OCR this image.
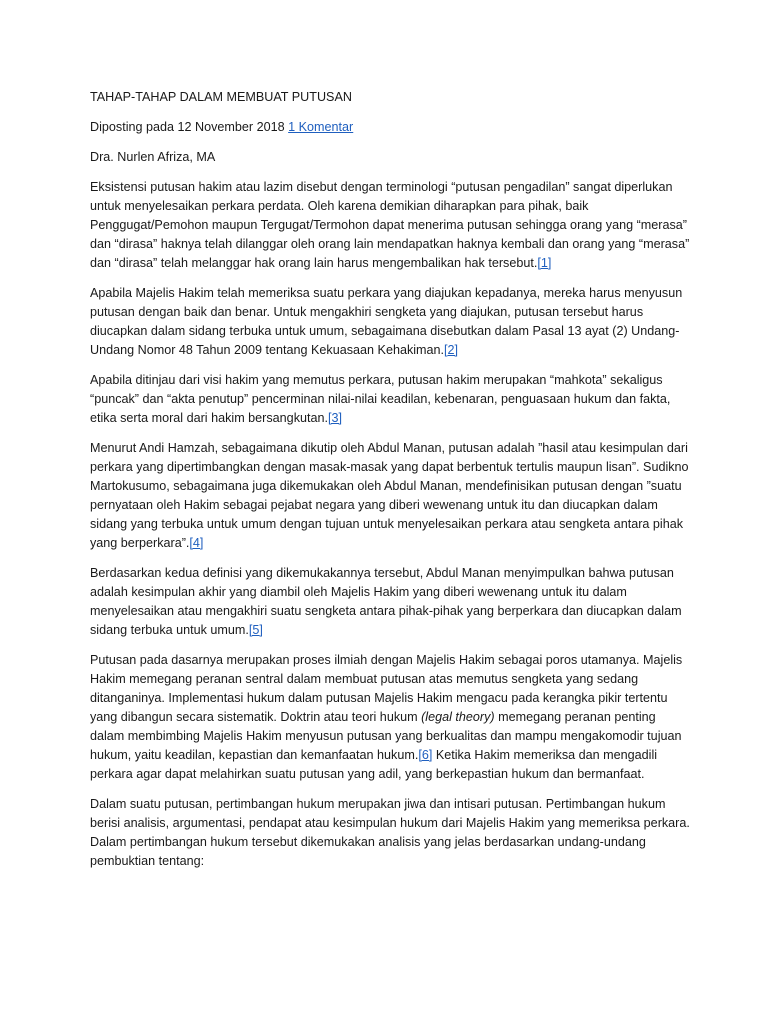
TAHAP-TAHAP DALAM MEMBUAT PUTUSAN

Diposting pada 12 November 2018 1 Komentar

Dra. Nurlen Afriza, MA

Eksistensi putusan hakim atau lazim disebut dengan terminologi “putusan pengadilan” sangat diperlukan untuk menyelesaikan perkara perdata. Oleh karena demikian diharapkan para pihak, baik Penggugat/Pemohon maupun Tergugat/Termohon dapat menerima putusan sehingga orang yang “merasa” dan “dirasa” haknya telah dilanggar oleh orang lain mendapatkan haknya kembali dan orang yang “merasa” dan “dirasa” telah melanggar hak orang lain harus mengembalikan hak tersebut.[1]

Apabila Majelis Hakim telah memeriksa suatu perkara yang diajukan kepadanya, mereka harus menyusun putusan dengan baik dan benar. Untuk mengakhiri sengketa yang diajukan, putusan tersebut harus diucapkan dalam sidang terbuka untuk umum, sebagaimana disebutkan dalam Pasal 13 ayat (2) Undang-Undang Nomor 48 Tahun 2009 tentang Kekuasaan Kehakiman.[2]

Apabila ditinjau dari visi hakim yang memutus perkara, putusan hakim merupakan “mahkota” sekaligus “puncak” dan “akta penutup” pencerminan nilai-nilai keadilan, kebenaran, penguasaan hukum dan fakta, etika serta moral dari hakim bersangkutan.[3]

Menurut Andi Hamzah, sebagaimana dikutip oleh Abdul Manan, putusan adalah ”hasil atau kesimpulan dari perkara yang dipertimbangkan dengan masak-masak yang dapat berbentuk tertulis maupun lisan”. Sudikno Martokusumo, sebagaimana juga dikemukakan oleh Abdul Manan, mendefinisikan putusan dengan ”suatu pernyataan oleh Hakim sebagai pejabat negara yang diberi wewenang untuk itu dan diucapkan dalam sidang yang terbuka untuk umum dengan tujuan untuk menyelesaikan perkara atau sengketa antara pihak yang berperkara”.[4]

Berdasarkan kedua definisi yang dikemukakannya tersebut, Abdul Manan menyimpulkan bahwa putusan adalah kesimpulan akhir yang diambil oleh Majelis Hakim yang diberi wewenang untuk itu dalam menyelesaikan atau mengakhiri suatu sengketa antara pihak-pihak yang berperkara dan diucapkan dalam sidang terbuka untuk umum.[5]

Putusan pada dasarnya merupakan proses ilmiah dengan Majelis Hakim sebagai poros utamanya. Majelis Hakim memegang peranan sentral dalam membuat putusan atas memutus sengketa yang sedang ditanganinya. Implementasi hukum dalam putusan Majelis Hakim mengacu pada kerangka pikir tertentu yang dibangun secara sistematik. Doktrin atau teori hukum (legal theory) memegang peranan penting dalam membimbing Majelis Hakim menyusun putusan yang berkualitas dan mampu mengakomodir tujuan hukum, yaitu keadilan, kepastian dan kemanfaatan hukum.[6] Ketika Hakim memeriksa dan mengadili perkara agar dapat melahirkan suatu putusan yang adil, yang berkepastian hukum dan bermanfaat.

Dalam suatu putusan, pertimbangan hukum merupakan jiwa dan intisari putusan. Pertimbangan hukum berisi analisis, argumentasi, pendapat atau kesimpulan hukum dari Majelis Hakim yang memeriksa perkara. Dalam pertimbangan hukum tersebut dikemukakan analisis yang jelas berdasarkan undang-undang pembuktian tentang:
